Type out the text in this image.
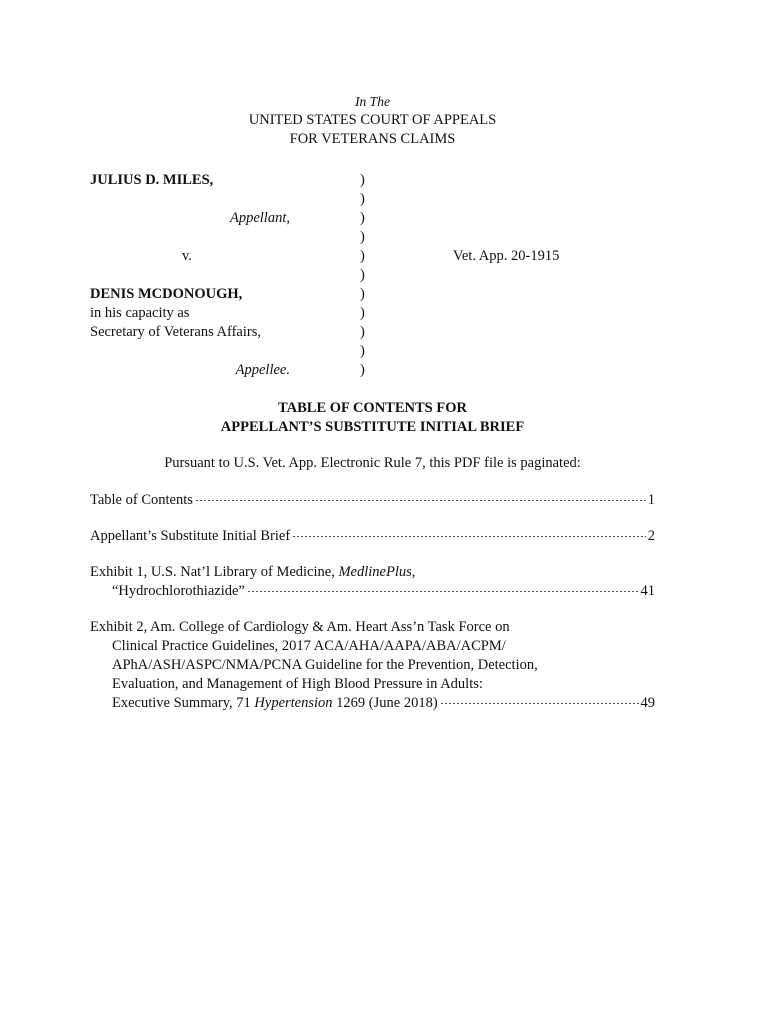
In The
UNITED STATES COURT OF APPEALS
FOR VETERANS CLAIMS
JULIUS D. MILES,
Appellant,
v.
DENIS MCDONOUGH,
in his capacity as
Secretary of Veterans Affairs,
Appellee.
)
)
)
)
)
)
)
)
)
)
)
Vet. App. 20-1915
TABLE OF CONTENTS FOR
APPELLANT’S SUBSTITUTE INITIAL BRIEF
Pursuant to U.S. Vet. App. Electronic Rule 7, this PDF file is paginated:
Table of Contents	1
Appellant’s Substitute Initial Brief	2
Exhibit 1, U.S. Nat’l Library of Medicine, MedlinePlus,
“Hydrochlorothiazide”	41
Exhibit 2, Am. College of Cardiology & Am. Heart Ass’n Task Force on
Clinical Practice Guidelines, 2017 ACA/AHA/AAPA/ABA/ACPM/
APhA/ASH/ASPC/NMA/PCNA Guideline for the Prevention, Detection,
Evaluation, and Management of High Blood Pressure in Adults:
Executive Summary, 71 Hypertension 1269 (June 2018)	49
